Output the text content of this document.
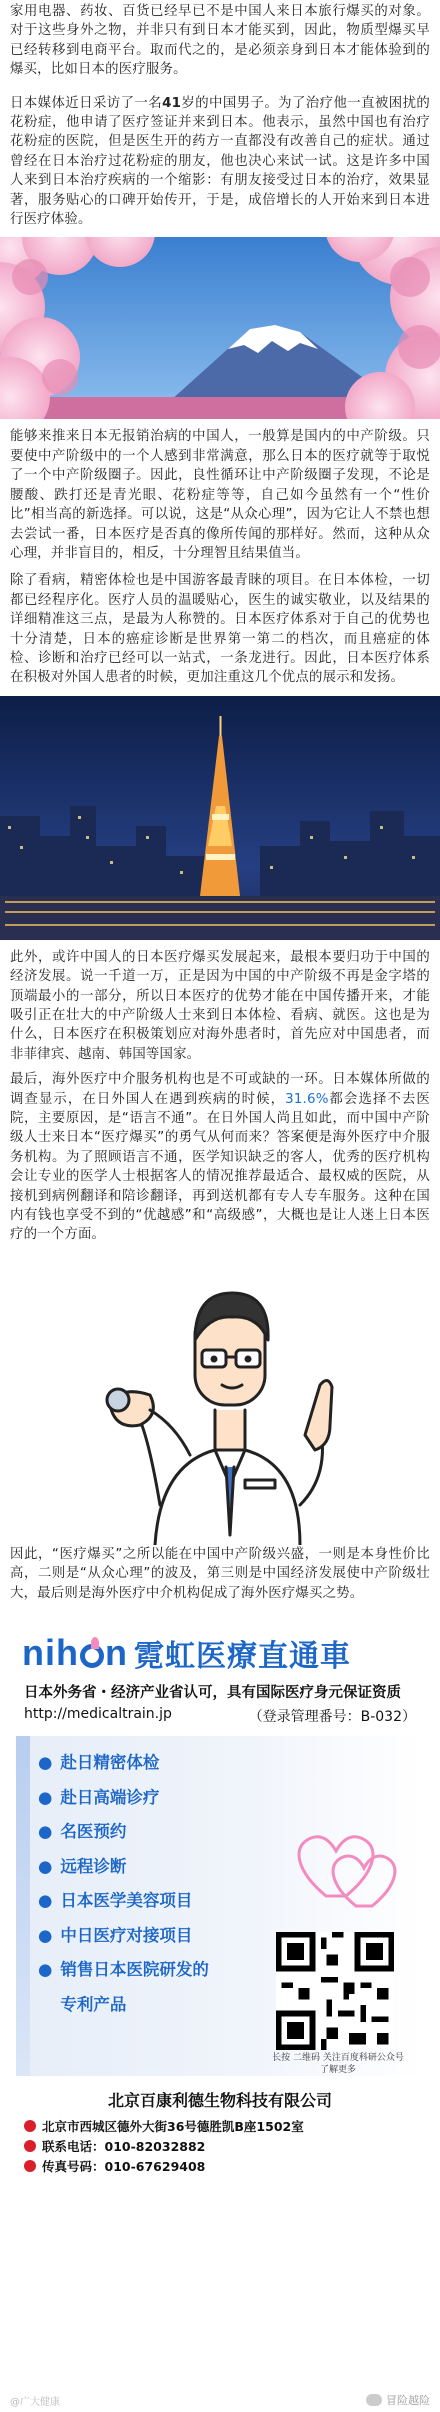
家用电器、药妆、百货已经早已不是中国人来日本旅行爆买的对象。对于这些身外之物，并非只有到日本才能买到，因此，物质型爆买早已经转移到电商平台。取而代之的，是必须亲身到日本才能体验到的爆买，比如日本的医疗服务。

日本媒体近日采访了一名41岁的中国男子。为了治疗他一直被困扰的花粉症，他申请了医疗签证并来到日本。他表示，虽然中国也有治疗花粉症的医院，但是医生开的药方一直都没有改善自己的症状。通过曾经在日本治疗过花粉症的朋友，他也决心来试一试。这是许多中国人来到日本治疗疾病的一个缩影：有朋友接受过日本的治疗，效果显著，服务贴心的口碑开始传开，于是，成倍增长的人开始来到日本进行医疗体验。

能够来推来日本无报销治病的中国人，一般算是国内的中产阶级。只要使中产阶级中的一个人感到非常满意，那么日本的医疗就等于取悦了一个中产阶级圈子。因此，良性循环让中产阶级圈子发现，不论是腰酸、跌打还是青光眼、花粉症等等，自己如今虽然有一个“性价比”相当高的新选择。可以说，这是“从众心理”，因为它让人不禁也想去尝试一番，日本医疗是否真的像所传闻的那样好。然而，这种从众心理，并非盲目的，相反，十分理智且结果值当。

除了看病，精密体检也是中国游客最青睐的项目。在日本体检，一切都已经程序化。医疗人员的温暖贴心，医生的诚实敬业，以及结果的详细精准这三点，是最为人称赞的。日本医疗体系对于自己的优势也十分清楚，日本的癌症诊断是世界第一第二的档次，而且癌症的体检、诊断和治疗已经可以一站式，一条龙进行。因此，日本医疗体系在积极对外国人患者的时候，更加注重这几个优点的展示和发扬。

此外，或许中国人的日本医疗爆买发展起来，最根本要归功于中国的经济发展。说一千道一万，正是因为中国的中产阶级不再是金字塔的顶端最小的一部分，所以日本医疗的优势才能在中国传播开来，才能吸引正在壮大的中产阶级人士来到日本体检、看病、就医。这也是为什么，日本医疗在积极策划应对海外患者时，首先应对中国患者，而非菲律宾、越南、韩国等国家。

最后，海外医疗中介服务机构也是不可或缺的一环。日本媒体所做的调查显示，在日外国人在遇到疾病的时候，31.6%都会选择不去医院，主要原因，是“语言不通”。在日外国人尚且如此，而中国中产阶级人士来日本“医疗爆买”的勇气从何而来？答案便是海外医疗中介服务机构。为了照顾语言不通，医学知识缺乏的客人，优秀的医疗机构会让专业的医学人士根据客人的情况推荐最适合、最权威的医院，从接机到病例翻译和陪诊翻译，再到送机都有专人专车服务。这种在国内有钱也享受不到的“优越感”和“高级感”，大概也是让人迷上日本医疗的一个方面。

因此，“医疗爆买”之所以能在中国中产阶级兴盛，一则是本身性价比高，二则是“从众心理”的波及，第三则是中国经济发展使中产阶级壮大，最后则是海外医疗中介机构促成了海外医疗爆买之势。

nih n 霓虹医療直通車
日本外务省・经济产业省认可，具有国际医疗身元保证资质
http://medicaltrain.jp	（登录管理番号：B-032）
● 赴日精密体检
● 赴日高端诊疗
● 名医预约
● 远程诊断
● 日本医学美容项目
● 中日医疗对接项目
● 销售日本医院研发的
专利产品
长按 二维码 关注百度科研公众号 了解更多
北京百康利德生物科技有限公司
北京市西城区德外大街36号德胜凯B座1502室
联系电话：010-82032882
传真号码：010-67629408
@广大健康	冒险越险
